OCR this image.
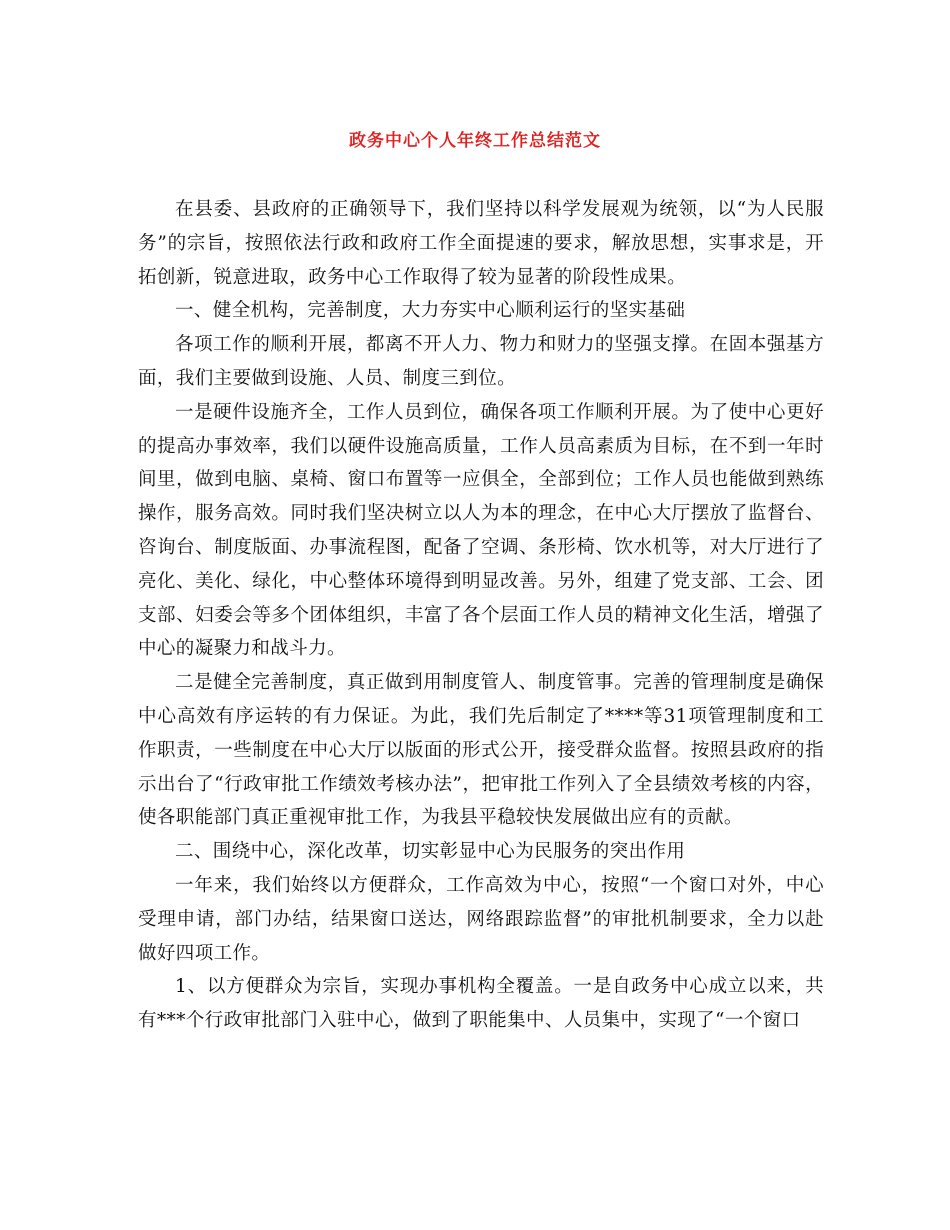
政务中心个人年终工作总结范文

在县委、县政府的正确领导下，我们坚持以科学发展观为统领，以“为人民服务”的宗旨，按照依法行政和政府工作全面提速的要求，解放思想，实事求是，开拓创新，锐意进取，政务中心工作取得了较为显著的阶段性成果。

一、健全机构，完善制度，大力夯实中心顺利运行的坚实基础

各项工作的顺利开展，都离不开人力、物力和财力的坚强支撑。在固本强基方面，我们主要做到设施、人员、制度三到位。

一是硬件设施齐全，工作人员到位，确保各项工作顺利开展。为了使中心更好的提高办事效率，我们以硬件设施高质量，工作人员高素质为目标，在不到一年时间里，做到电脑、桌椅、窗口布置等一应俱全，全部到位；工作人员也能做到熟练操作，服务高效。同时我们坚决树立以人为本的理念，在中心大厅摆放了监督台、咨询台、制度版面、办事流程图，配备了空调、条形椅、饮水机等，对大厅进行了亮化、美化、绿化，中心整体环境得到明显改善。另外，组建了党支部、工会、团支部、妇委会等多个团体组织，丰富了各个层面工作人员的精神文化生活，增强了中心的凝聚力和战斗力。

二是健全完善制度，真正做到用制度管人、制度管事。完善的管理制度是确保中心高效有序运转的有力保证。为此，我们先后制定了****等31项管理制度和工作职责，一些制度在中心大厅以版面的形式公开，接受群众监督。按照县政府的指示出台了“行政审批工作绩效考核办法”，把审批工作列入了全县绩效考核的内容，使各职能部门真正重视审批工作，为我县平稳较快发展做出应有的贡献。

二、围绕中心，深化改革，切实彰显中心为民服务的突出作用

一年来，我们始终以方便群众，工作高效为中心，按照“一个窗口对外，中心受理申请，部门办结，结果窗口送达，网络跟踪监督”的审批机制要求，全力以赴做好四项工作。

1、以方便群众为宗旨，实现办事机构全覆盖。一是自政务中心成立以来，共有***个行政审批部门入驻中心，做到了职能集中、人员集中，实现了“一个窗口
